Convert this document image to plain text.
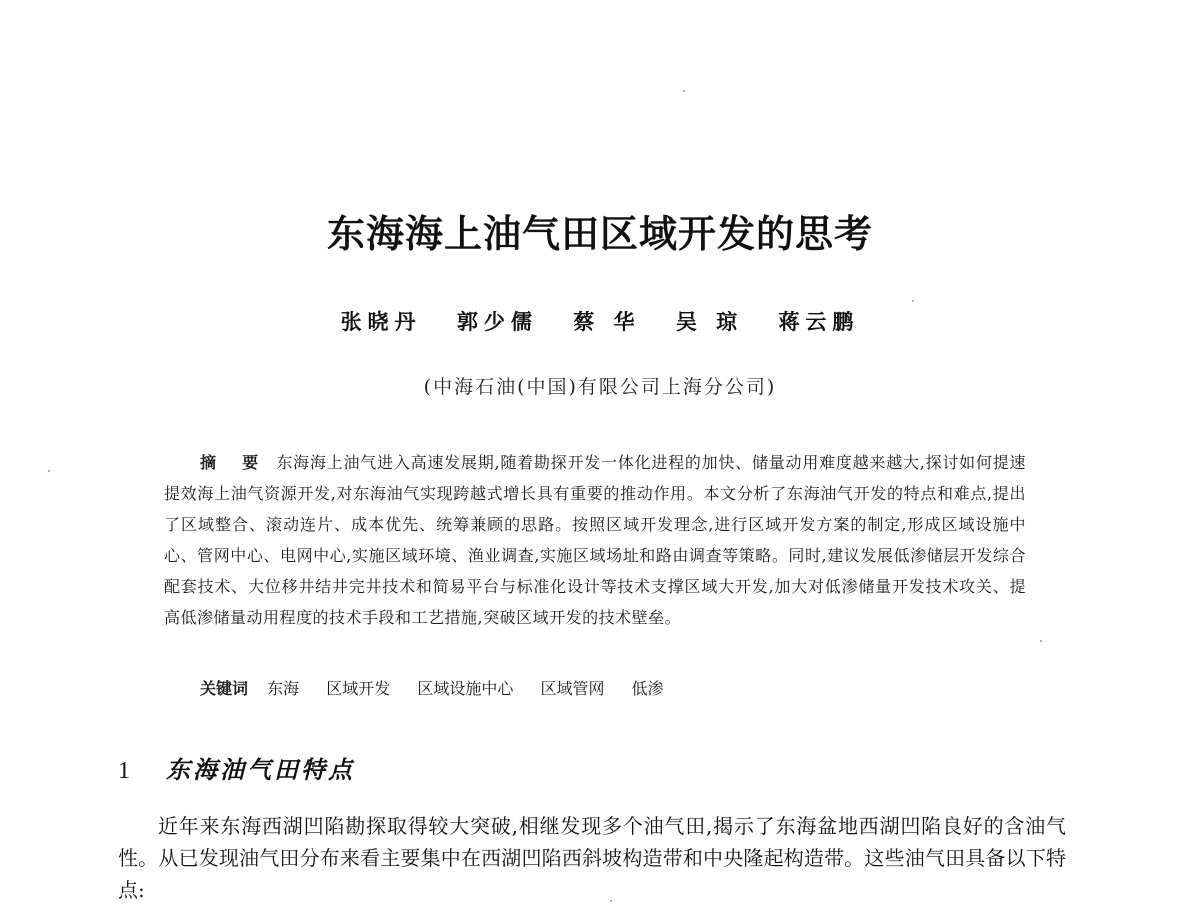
东海海上油气田区域开发的思考
张晓丹 郭少儒 蔡 华 吴 琼 蒋云鹏
(中海石油(中国)有限公司上海分公司)
摘 要 东海海上油气进入高速发展期,随着勘探开发一体化进程的加快、储量动用难度越来越大,探讨如何提速提效海上油气资源开发,对东海油气实现跨越式增长具有重要的推动作用。本文分析了东海油气开发的特点和难点,提出了区域整合、滚动连片、成本优先、统筹兼顾的思路。按照区域开发理念,进行区域开发方案的制定,形成区域设施中心、管网中心、电网中心,实施区域环境、渔业调查,实施区域场址和路由调查等策略。同时,建议发展低渗储层开发综合配套技术、大位移井结井完井技术和简易平台与标准化设计等技术支撑区域大开发,加大对低渗储量开发技术攻关、提高低渗储量动用程度的技术手段和工艺措施,突破区域开发的技术壁垒。
关键词 东海 区域开发 区域设施中心 区域管网 低渗
1 东海油气田特点
近年来东海西湖凹陷勘探取得较大突破,相继发现多个油气田,揭示了东海盆地西湖凹陷良好的含油气性。从已发现油气田分布来看主要集中在西湖凹陷西斜坡构造带和中央隆起构造带。这些油气田具备以下特点:
